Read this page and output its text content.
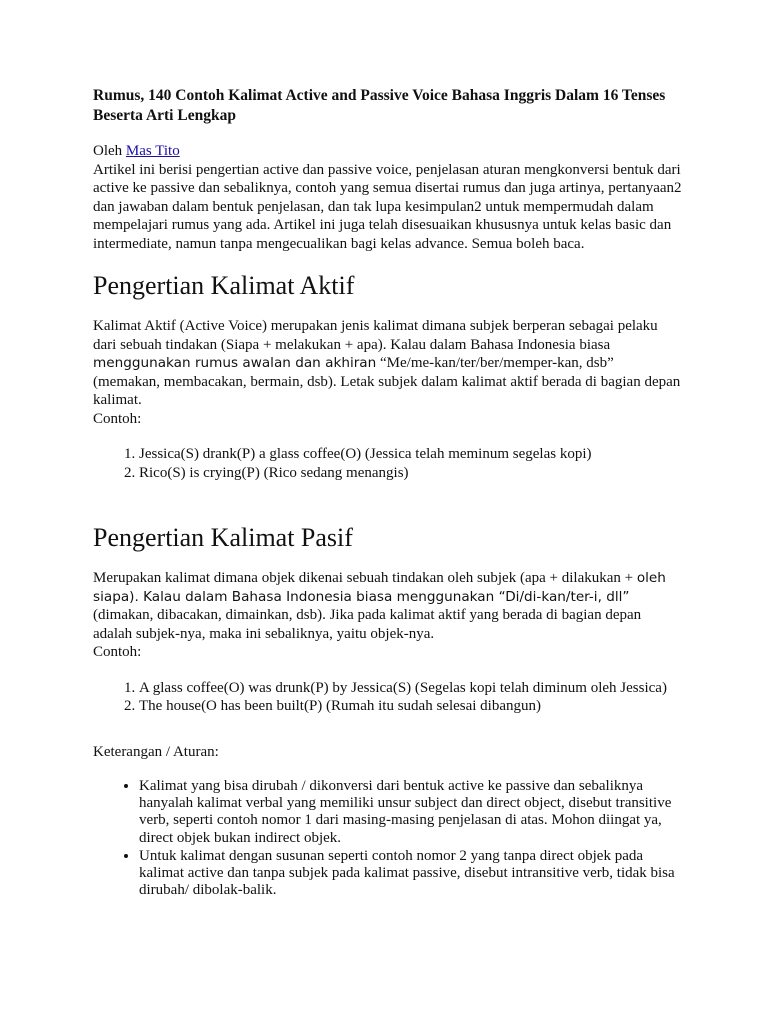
Rumus, 140 Contoh Kalimat Active and Passive Voice Bahasa Inggris Dalam 16 Tenses Beserta Arti Lengkap

Oleh Mas Tito

Artikel ini berisi pengertian active dan passive voice, penjelasan aturan mengkonversi bentuk dari active ke passive dan sebaliknya, contoh yang semua disertai rumus dan juga artinya, pertanyaan2 dan jawaban dalam bentuk penjelasan, dan tak lupa kesimpulan2 untuk mempermudah dalam mempelajari rumus yang ada. Artikel ini juga telah disesuaikan khususnya untuk kelas basic dan intermediate, namun tanpa mengecualikan bagi kelas advance. Semua boleh baca.

Pengertian Kalimat Aktif

Kalimat Aktif (Active Voice) merupakan jenis kalimat dimana subjek berperan sebagai pelaku dari sebuah tindakan (Siapa + melakukan + apa). Kalau dalam Bahasa Indonesia biasa menggunakan rumus awalan dan akhiran “Me/me-kan/ter/ber/memper-kan, dsb” (memakan, membacakan, bermain, dsb). Letak subjek dalam kalimat aktif berada di bagian depan kalimat.

Contoh:

1. Jessica(S) drank(P) a glass coffee(O) (Jessica telah meminum segelas kopi)
2. Rico(S) is crying(P) (Rico sedang menangis)
Pengertian Kalimat Pasif

Merupakan kalimat dimana objek dikenai sebuah tindakan oleh subjek (apa + dilakukan + oleh siapa). Kalau dalam Bahasa Indonesia biasa menggunakan “Di/di-kan/ter-i, dll” (dimakan, dibacakan, dimainkan, dsb). Jika pada kalimat aktif yang berada di bagian depan adalah subjek-nya, maka ini sebaliknya, yaitu objek-nya.

Contoh:

1. A glass coffee(O) was drunk(P) by Jessica(S) (Segelas kopi telah diminum oleh Jessica)
2. The house(O has been built(P) (Rumah itu sudah selesai dibangun)

Keterangan / Aturan:

• Kalimat yang bisa dirubah / dikonversi dari bentuk active ke passive dan sebaliknya hanyalah kalimat verbal yang memiliki unsur subject dan direct object, disebut transitive verb, seperti contoh nomor 1 dari masing-masing penjelasan di atas. Mohon diingat ya, direct objek bukan indirect objek.
• Untuk kalimat dengan susunan seperti contoh nomor 2 yang tanpa direct objek pada kalimat active dan tanpa subjek pada kalimat passive, disebut intransitive verb, tidak bisa dirubah/ dibolak-balik.
